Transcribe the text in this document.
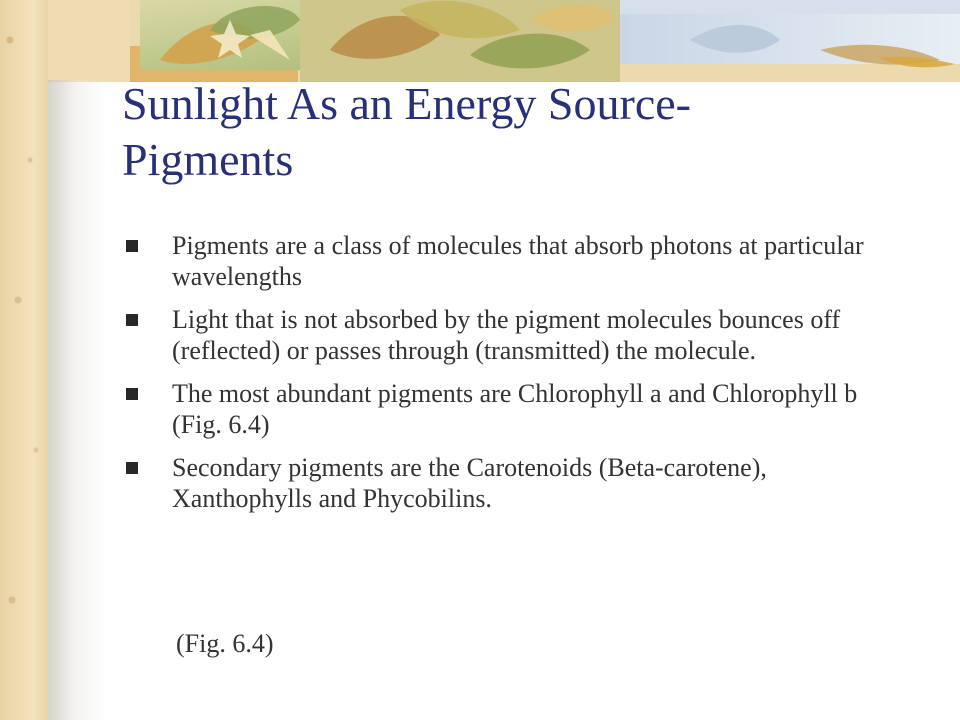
Sunlight As an Energy Source-
Pigments
Pigments are a class of molecules that absorb photons at particular wavelengths
Light that is not absorbed by the pigment molecules bounces off (reflected) or passes through (transmitted) the molecule.
The most abundant pigments are Chlorophyll a and Chlorophyll b (Fig. 6.4)
Secondary pigments are the Carotenoids (Beta-carotene), Xanthophylls and Phycobilins.

(Fig. 6.4)
